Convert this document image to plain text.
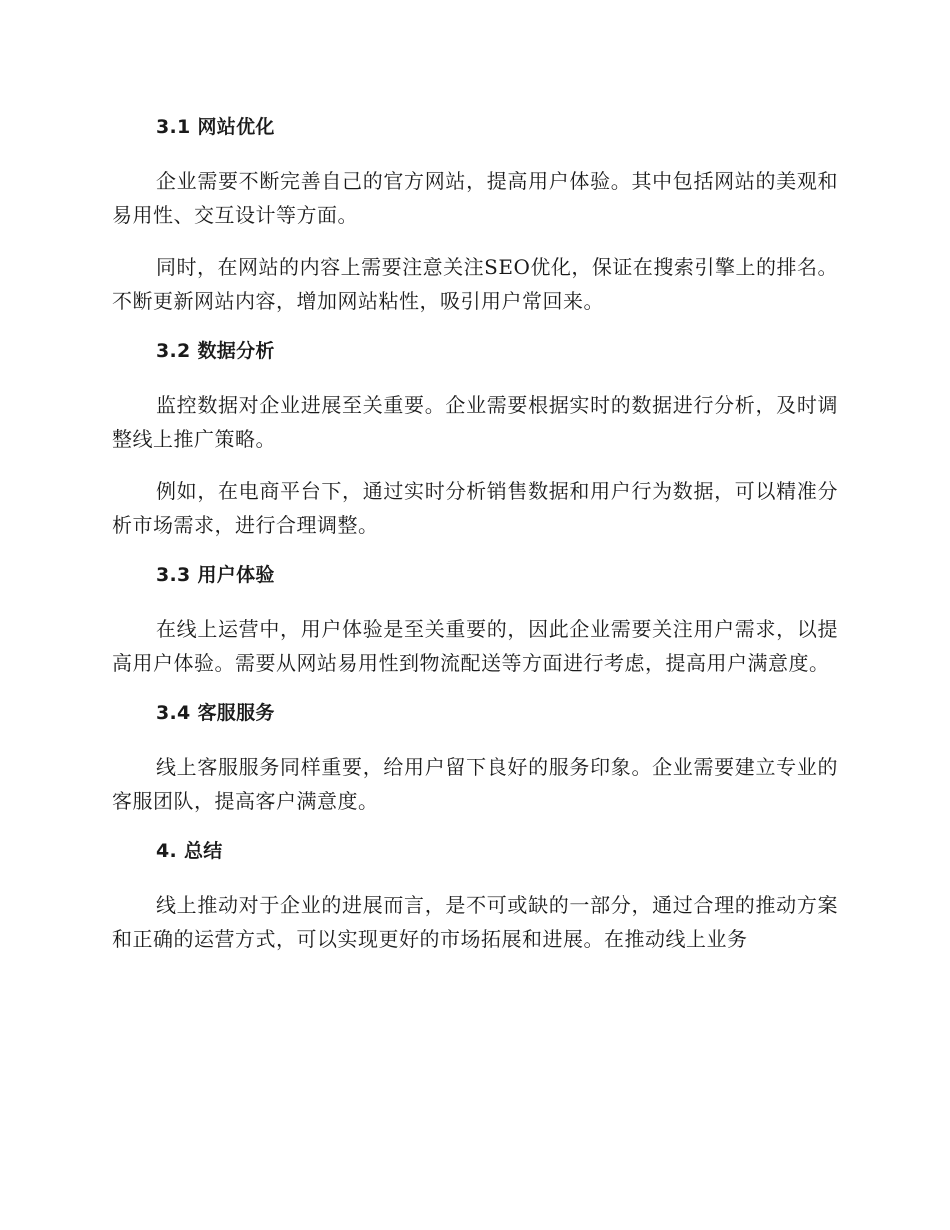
3.1 网站优化

企业需要不断完善自己的官方网站，提高用户体验。其中包括网站的美观和易用性、交互设计等方面。

同时，在网站的内容上需要注意关注SEO优化，保证在搜索引擎上的排名。不断更新网站内容，增加网站粘性，吸引用户常回来。

3.2 数据分析

监控数据对企业进展至关重要。企业需要根据实时的数据进行分析，及时调整线上推广策略。

例如，在电商平台下，通过实时分析销售数据和用户行为数据，可以精准分析市场需求，进行合理调整。

3.3 用户体验

在线上运营中，用户体验是至关重要的，因此企业需要关注用户需求，以提高用户体验。需要从网站易用性到物流配送等方面进行考虑，提高用户满意度。

3.4 客服服务

线上客服服务同样重要，给用户留下良好的服务印象。企业需要建立专业的客服团队，提高客户满意度。

4. 总结

线上推动对于企业的进展而言，是不可或缺的一部分，通过合理的推动方案和正确的运营方式，可以实现更好的市场拓展和进展。在推动线上业务
